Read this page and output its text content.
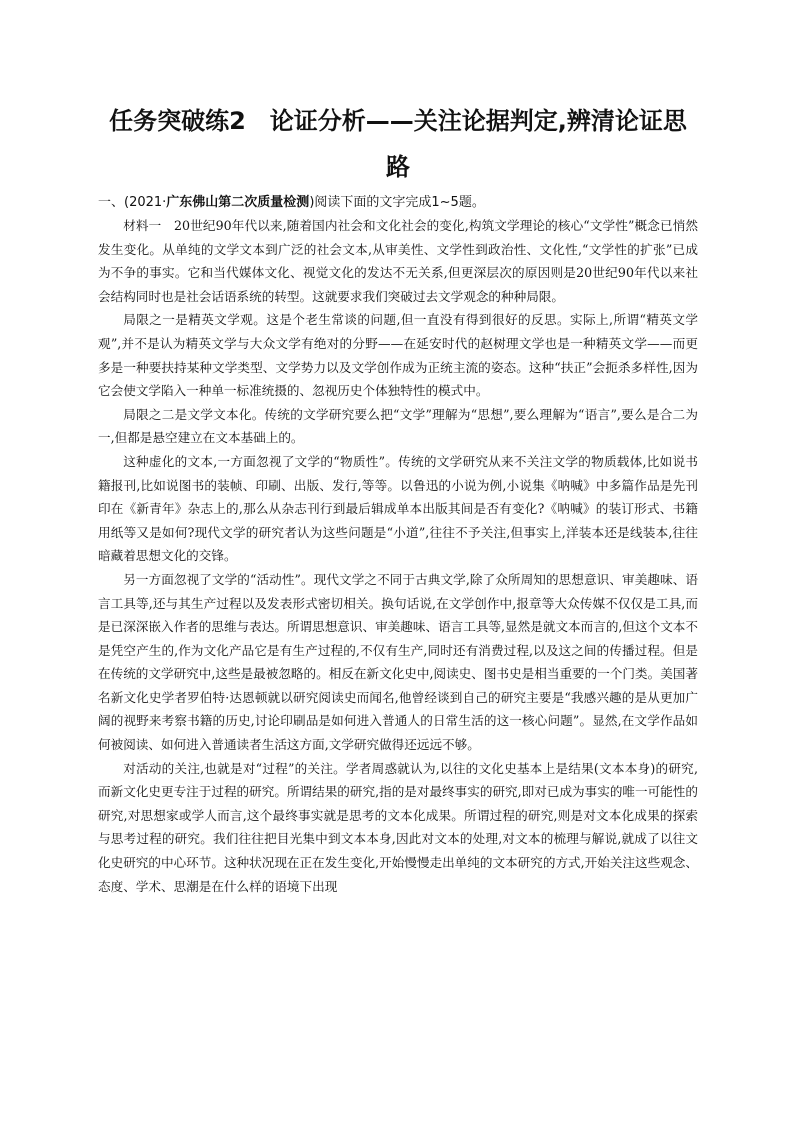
任务突破练2　论证分析——关注论据判定,辨清论证思路
一、(2021·广东佛山第二次质量检测)阅读下面的文字完成1~5题。

材料一　20世纪90年代以来,随着国内社会和文化社会的变化,构筑文学理论的核心“文学性”概念已悄然发生变化。从单纯的文学文本到广泛的社会文本,从审美性、文学性到政治性、文化性,“文学性的扩张”已成为不争的事实。它和当代媒体文化、视觉文化的发达不无关系,但更深层次的原因则是20世纪90年代以来社会结构同时也是社会话语系统的转型。这就要求我们突破过去文学观念的种种局限。

局限之一是精英文学观。这是个老生常谈的问题,但一直没有得到很好的反思。实际上,所谓“精英文学观”,并不是认为精英文学与大众文学有绝对的分野——在延安时代的赵树理文学也是一种精英文学——而更多是一种要扶持某种文学类型、文学势力以及文学创作成为正统主流的姿态。这种“扶正”会扼杀多样性,因为它会使文学陷入一种单一标准统摄的、忽视历史个体独特性的模式中。

局限之二是文学文本化。传统的文学研究要么把“文学”理解为“思想”,要么理解为“语言”,要么是合二为一,但都是悬空建立在文本基础上的。

这种虚化的文本,一方面忽视了文学的“物质性”。传统的文学研究从来不关注文学的物质载体,比如说书籍报刊,比如说图书的装帧、印刷、出版、发行,等等。以鲁迅的小说为例,小说集《呐喊》中多篇作品是先刊印在《新青年》杂志上的,那么从杂志刊行到最后辑成单本出版其间是否有变化?《呐喊》的装订形式、书籍用纸等又是如何?现代文学的研究者认为这些问题是“小道”,往往不予关注,但事实上,洋装本还是线装本,往往暗藏着思想文化的交锋。

另一方面忽视了文学的“活动性”。现代文学之不同于古典文学,除了众所周知的思想意识、审美趣味、语言工具等,还与其生产过程以及发表形式密切相关。换句话说,在文学创作中,报章等大众传媒不仅仅是工具,而是已深深嵌入作者的思维与表达。所谓思想意识、审美趣味、语言工具等,显然是就文本而言的,但这个文本不是凭空产生的,作为文化产品它是有生产过程的,不仅有生产,同时还有消费过程,以及这之间的传播过程。但是在传统的文学研究中,这些是最被忽略的。相反在新文化史中,阅读史、图书史是相当重要的一个门类。美国著名新文化史学者罗伯特·达恩顿就以研究阅读史而闻名,他曾经谈到自己的研究主要是“我感兴趣的是从更加广阔的视野来考察书籍的历史,讨论印刷品是如何进入普通人的日常生活的这一核心问题”。显然,在文学作品如何被阅读、如何进入普通读者生活这方面,文学研究做得还远远不够。

对活动的关注,也就是对“过程”的关注。学者周惑就认为,以往的文化史基本上是结果(文本本身)的研究,而新文化史更专注于过程的研究。所谓结果的研究,指的是对最终事实的研究,即对已成为事实的唯一可能性的研究,对思想家或学人而言,这个最终事实就是思考的文本化成果。所谓过程的研究,则是对文本化成果的探索与思考过程的研究。我们往往把目光集中到文本本身,因此对文本的处理,对文本的梳理与解说,就成了以往文化史研究的中心环节。这种状况现在正在发生变化,开始慢慢走出单纯的文本研究的方式,开始关注这些观念、态度、学术、思潮是在什么样的语境下出现
